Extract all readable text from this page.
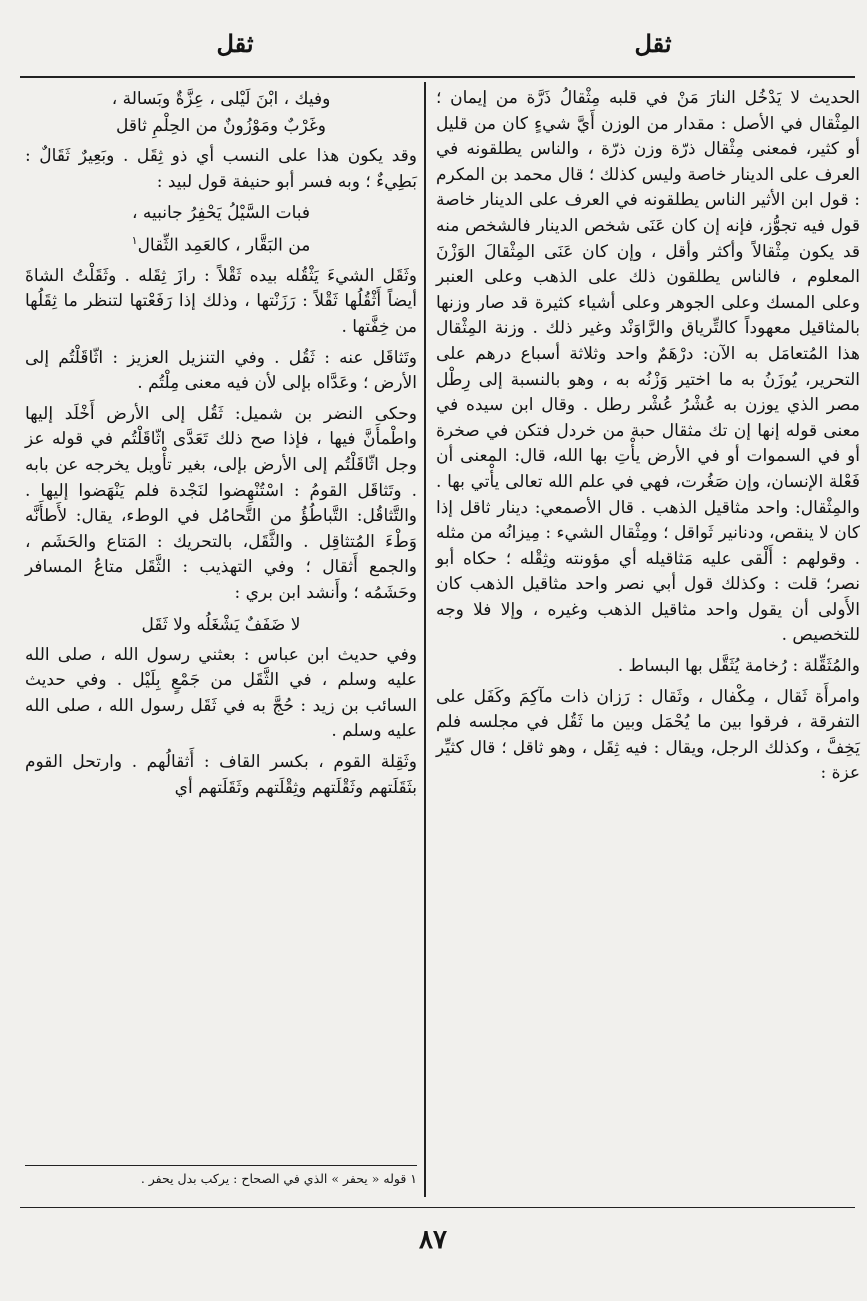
ثقل
ثقل

الحديث لا يَدْخُل النارَ مَنْ في قلبه مِثْقالُ ذَرَّة من إيمان ؛ المِثْقال في الأصل : مقدار من الوزن أَيَّ شيءٍ كان من قليل أو كثير، فمعنى مِثْقال ذرّة وزن ذرّة ، والناس يطلقونه في العرف على الدينار خاصة وليس كذلك ؛ قال محمد بن المكرم : قول ابن الأثير الناس يطلقونه في العرف على الدينار خاصة قول فيه تجوُّز، فإنه إن كان عَنَى شخص الدينار فالشخص منه قد يكون مِثْقالاً وأكثر وأقل ، وإن كان عَنَى المِثْقالَ الوَزْنَ المعلوم ، فالناس يطلقون ذلك على الذهب وعلى العنبر وعلى المسك وعلى الجوهر وعلى أشياء كثيرة قد صار وزنها بالمثاقيل معهوداً كالتِّرياق والرَّاوَنْد وغير ذلك . وزنة المِثْقال هذا المُتعامَل به الآن: درْهَمٌ واحد وثلاثة أسباع درهم على التحرير، يُوزَنُ به ما اختير وَزْنُه به ، وهو بالنسبة إلى رِطْل مصر الذي يوزن به عُشْرُ عُشْر رطل . وقال ابن سيده في معنى قوله إنها إن تك مثقال حبة من خردل فتكن في صخرة أو في السموات أو في الأرض يأْتِ بها الله، قال: المعنى أن فَعْلة الإنسان، وإن صَغُرت، فهي في علم الله تعالى يأْتي بها . والمِثْقال: واحد مثاقيل الذهب . قال الأصمعي: دينار ثاقل إذا كان لا ينقص، ودنانير ثَواقل ؛ ومِثْقال الشيء : مِيزانُه من مثله . وقولهم : أَلْقى عليه مَثاقيله أي مؤونته وثِقْله ؛ حكاه أبو نصر؛ قلت : وكذلك قول أبي نصر واحد مثاقيل الذهب كان الأَولى أن يقول واحد مثاقيل الذهب وغيره ، وإلا فلا وجه للتخصيص .

والمُثَقِّلة : رُخامة يُثَقَّل بها البساط .

وامرأَة ثَقال ، مِكْفال ، وثَقال : رَزان ذات مآكِمَ وكَفَل على التفرقة ، فرقوا بين ما يُحْمَل وبين ما ثَقُل في مجلسه فلم يَخِفَّ ، وكذلك الرجل، ويقال : فيه ثِقَل ، وهو ثاقل ؛ قال كثيِّر عزة :

وفيك ، ابْنَ لَيْلى ، عِزَّةٌ وبَسالة ،
وغَرْبٌ ومَوْزُونٌ من الحِلْمِ ثاقل

وقد يكون هذا على النسب أي ذو ثِقَل . وبَعِيرٌ ثَقَالٌ : بَطِيءٌ ؛ وبه فسر أبو حنيفة قول لبيد :

فبات السَّيْلُ يَحْفِرُ جانبيه ،
من البَقَّار ، كالعَمِد الثِّقال$^١$

وثَقَل الشيءَ يَثْقُله بيده ثَقْلاً : رازَ ثِقَله . وثَقَلْتُ الشاةَ أيضاً أَثْقُلُها ثَقْلاً : رَزَنْتها ، وذلك إذا رَفَعْتها لتنظر ما ثِقَلُها من خِفَّتها .

وتَثاقَل عنه : ثَقُل . وفي التنزيل العزيز : اثّاقَلْتُم إلى الأرض ؛ وعَدَّاه بإلى لأن فيه معنى مِلْتُم .

وحكى النضر بن شميل: ثَقُل إلى الأرض أَخْلَد إليها واطْمأَنَّ فيها ، فإذا صح ذلك تَعَدَّى اثّاقَلْتُم في قوله عز وجل اثّاقَلْتُم إلى الأرض بإلى، بغير تأْويل يخرجه عن بابه . وتَثاقَل القومُ : اسْتُنْهِضوا لنَجْدة فلم يَنْهَضوا إليها . والتَّثاقُل: التَّباطُؤُ من التَّحامُل في الوطء، يقال: لأَطأَنَّه وَطْءَ المُتثاقِل . والثَّقَل، بالتحريك : المَتاع والحَشَم ، والجمع أَثقال ؛ وفي التهذيب : الثَّقَل متاعُ المسافر وحَشَمُه ؛ وأَنشد ابن بري :

لا ضَفَفٌ يَشْغَلُه ولا ثَقَل

وفي حديث ابن عباس : بعثني رسول الله ، صلى الله عليه وسلم ، في الثَّقَل من جَمْعٍ بِلَيْل . وفي حديث السائب بن زيد : حُجَّ به في ثَقَل رسول الله ، صلى الله عليه وسلم .

وثَقِلة القوم ، بكسر القاف : أَثقالُهم . وارتحل القوم بثَقَلَتهم وثَقْلَتهم وثِقْلَتهم وثَقَلَتهم أي

١ قوله « يحفر » الذي في الصحاح : يركب بدل يحفر .
٨٧
